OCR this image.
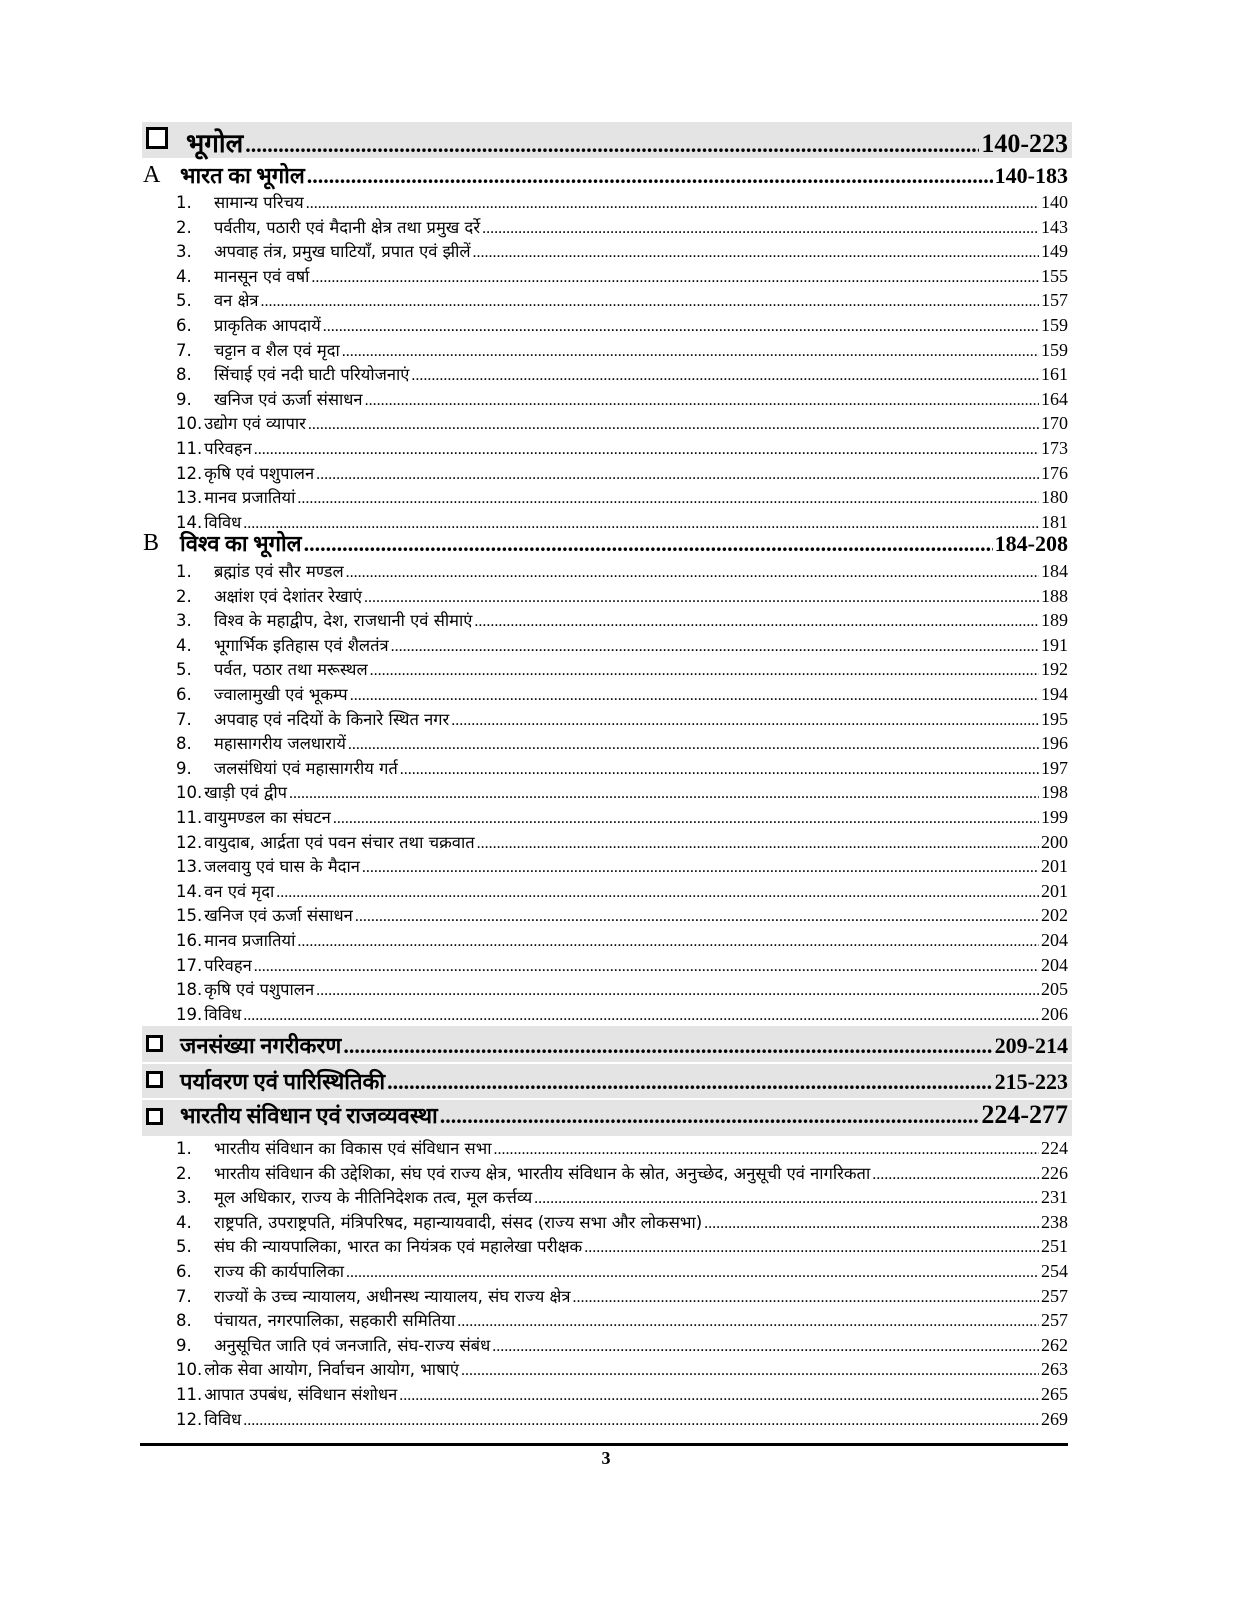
भूगोल .....	140-223
A भारत का भूगोल .....	140-183
1. सामान्य परिचय .....	140
2. पर्वतीय, पठारी एवं मैदानी क्षेत्र तथा प्रमुख दर्रे .....	143
3. अपवाह तंत्र, प्रमुख घाटियाँ, प्रपात एवं झीलें .....	149
4. मानसून एवं वर्षा .....	155
5. वन क्षेत्र .....	157
6. प्राकृतिक आपदायें .....	159
7. चट्टान व शैल एवं मृदा .....	159
8. सिंचाई एवं नदी घाटी परियोजनाएं .....	161
9. खनिज एवं ऊर्जा संसाधन .....	164
10. उद्योग एवं व्यापार .....	170
11. परिवहन .....	173
12. कृषि एवं पशुपालन .....	176
13. मानव प्रजातियां .....	180
14. विविध .....	181
B विश्व का भूगोल .....	184-208
1. ब्रह्मांड एवं सौर मण्डल .....	184
2. अक्षांश एवं देशांतर रेखाएं .....	188
3. विश्व के महाद्वीप, देश, राजधानी एवं सीमाएं .....	189
4. भूगार्भिक इतिहास एवं शैलतंत्र .....	191
5. पर्वत, पठार तथा मरूस्थल .....	192
6. ज्वालामुखी एवं भूकम्प .....	194
7. अपवाह एवं नदियों के किनारे स्थित नगर .....	195
8. महासागरीय जलधारायें .....	196
9. जलसंधियां एवं महासागरीय गर्त .....	197
10. खाड़ी एवं द्वीप .....	198
11. वायुमण्डल का संघटन .....	199
12. वायुदाब, आर्द्रता एवं पवन संचार तथा चक्रवात .....	200
13. जलवायु एवं घास के मैदान .....	201
14. वन एवं मृदा .....	201
15. खनिज एवं ऊर्जा संसाधन .....	202
16. मानव प्रजातियां .....	204
17. परिवहन .....	204
18. कृषि एवं पशुपालन .....	205
19. विविध .....	206
जनसंख्या नगरीकरण .....	209-214
पर्यावरण एवं पारिस्थितिकी .....	215-223
भारतीय संविधान एवं राजव्यवस्था .....	224-277
1. भारतीय संविधान का विकास एवं संविधान सभा .....	224
2. भारतीय संविधान की उद्देशिका, संघ एवं राज्य क्षेत्र, भारतीय संविधान के स्रोत, अनुच्छेद, अनुसूची एवं नागरिकता .....	226
3. मूल अधिकार, राज्य के नीतिनिदेशक तत्व, मूल कर्त्तव्य .....	231
4. राष्ट्रपति, उपराष्ट्रपति, मंत्रिपरिषद, महान्यायवादी, संसद (राज्य सभा और लोकसभा) .....	238
5. संघ की न्यायपालिका, भारत का नियंत्रक एवं महालेखा परीक्षक .....	251
6. राज्य की कार्यपालिका .....	254
7. राज्यों के उच्च न्यायालय, अधीनस्थ न्यायालय, संघ राज्य क्षेत्र .....	257
8. पंचायत, नगरपालिका, सहकारी समितिया .....	257
9. अनुसूचित जाति एवं जनजाति, संघ-राज्य संबंध .....	262
10. लोक सेवा आयोग, निर्वाचन आयोग, भाषाएं .....	263
11. आपात उपबंध, संविधान संशोधन .....	265
12. विविध .....	269
3
